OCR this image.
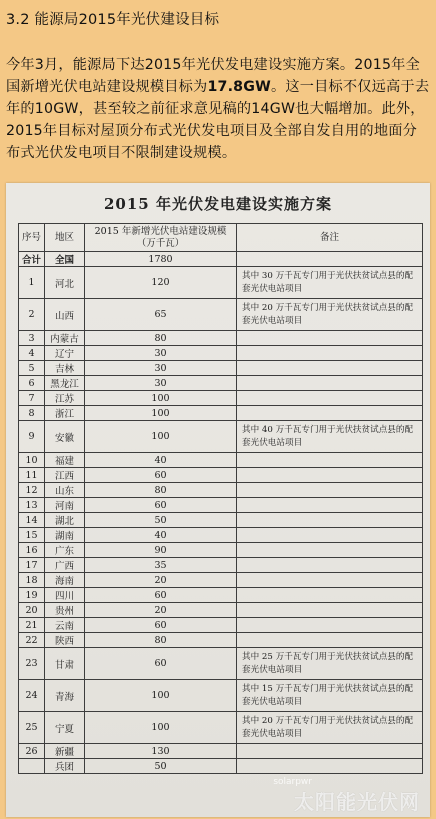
3.2 能源局2015年光伏建设目标
今年3月，能源局下达2015年光伏发电建设实施方案。2015年全国新增光伏电站建设规模目标为17.8GW。这一目标不仅远高于去年的10GW，甚至较之前征求意见稿的14GW也大幅增加。此外，2015年目标对屋顶分布式光伏发电项目及全部自发自用的地面分布式光伏发电项目不限制建设规模。
2015 年光伏发电建设实施方案
序号	地区	2015 年新增光伏电站建设规模（万千瓦）	备注
合计	全国	1780	
1	河北	120	其中 30 万千瓦专门用于光伏扶贫试点县的配套光伏电站项目
2	山西	65	其中 20 万千瓦专门用于光伏扶贫试点县的配套光伏电站项目
3	内蒙古	80	
4	辽宁	30	
5	吉林	30	
6	黑龙江	30	
7	江苏	100	
8	浙江	100	
9	安徽	100	其中 40 万千瓦专门用于光伏扶贫试点县的配套光伏电站项目
10	福建	40	
11	江西	60	
12	山东	80	
13	河南	60	
14	湖北	50	
15	湖南	40	
16	广东	90	
17	广西	35	
18	海南	20	
19	四川	60	
20	贵州	20	
21	云南	60	
22	陕西	80	
23	甘肃	60	其中 25 万千瓦专门用于光伏扶贫试点县的配套光伏电站项目
24	青海	100	其中 15 万千瓦专门用于光伏扶贫试点县的配套光伏电站项目
25	宁夏	100	其中 20 万千瓦专门用于光伏扶贫试点县的配套光伏电站项目
26	新疆	130	
	兵团	50	
solarpwr
太阳能光伏网
